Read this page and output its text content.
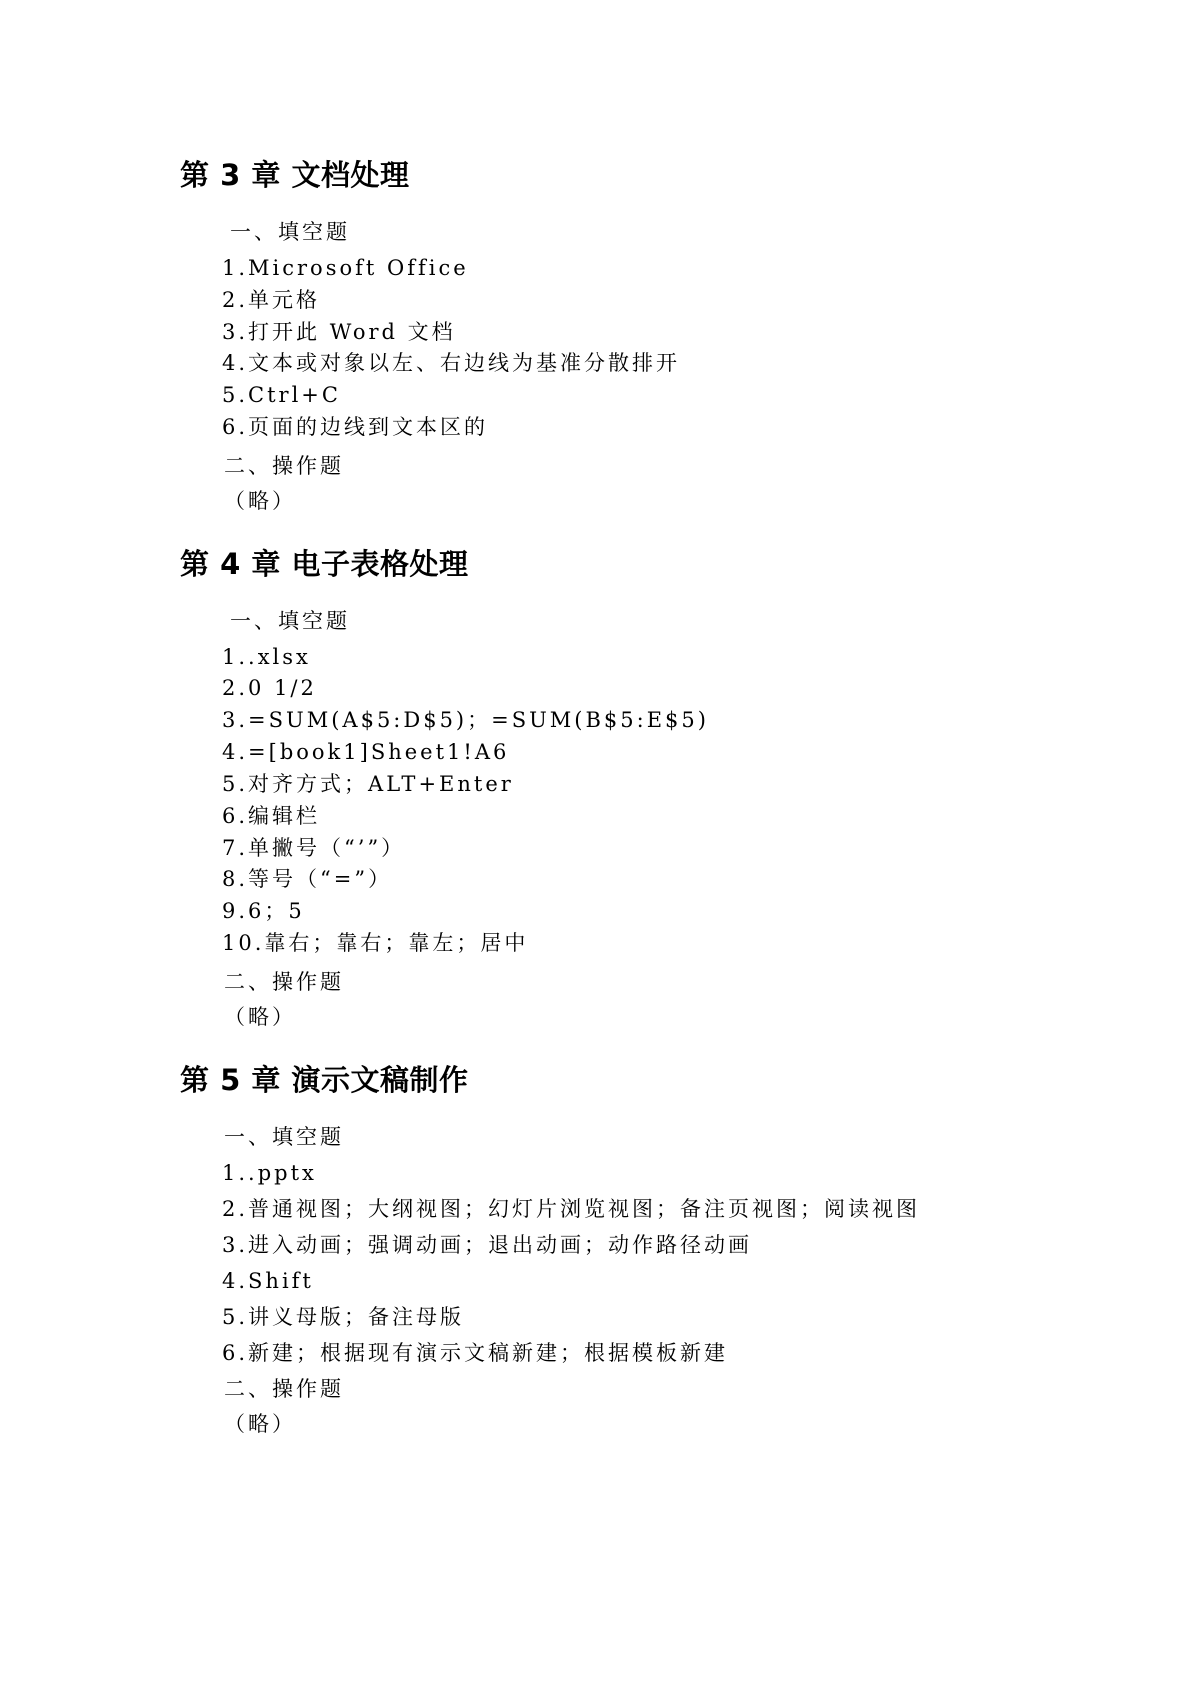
第 3 章 文档处理

一、填空题

1.Microsoft Office

2.单元格

3.打开此 Word 文档

4.文本或对象以左、右边线为基准分散排开

5.Ctrl+C

6.页面的边线到文本区的

二、操作题

（略）

第 4 章 电子表格处理

一、填空题

1..xlsx

2.0 1/2

3.=SUM(A$5:D$5)；=SUM(B$5:E$5)

4.=[book1]Sheet1!A6

5.对齐方式；ALT+Enter

6.编辑栏

7.单撇号（“’”）

8.等号（“=”）

9.6；5

10.靠右；靠右；靠左；居中

二、操作题

（略）

第 5 章 演示文稿制作

一、填空题

1..pptx

2.普通视图；大纲视图；幻灯片浏览视图；备注页视图；阅读视图

3.进入动画；强调动画；退出动画；动作路径动画

4.Shift

5.讲义母版；备注母版

6.新建；根据现有演示文稿新建；根据模板新建

二、操作题

（略）
